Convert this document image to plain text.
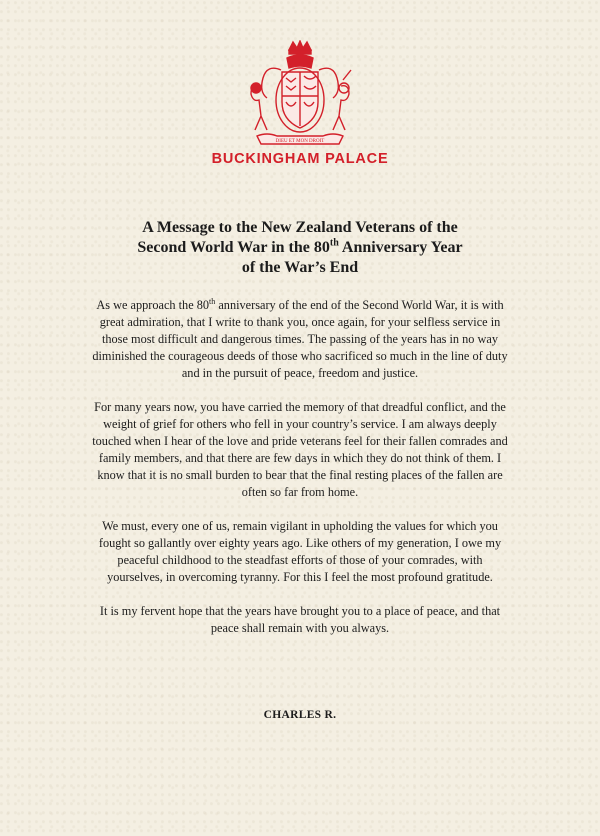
DIEU ET MON DROIT
BUCKINGHAM PALACE
A Message to the New Zealand Veterans of the
Second World War in the 80th Anniversary Year
of the War’s End

As we approach the 80th anniversary of the end of the Second World War, it is with great admiration, that I write to thank you, once again, for your selfless service in those most difficult and dangerous times. The passing of the years has in no way diminished the courageous deeds of those who sacrificed so much in the line of duty and in the pursuit of peace, freedom and justice.

For many years now, you have carried the memory of that dreadful conflict, and the weight of grief for others who fell in your country’s service. I am always deeply touched when I hear of the love and pride veterans feel for their fallen comrades and family members, and that there are few days in which they do not think of them. I know that it is no small burden to bear that the final resting places of the fallen are often so far from home.

We must, every one of us, remain vigilant in upholding the values for which you fought so gallantly over eighty years ago. Like others of my generation, I owe my peaceful childhood to the steadfast efforts of those of your comrades, with yourselves, in overcoming tyranny. For this I feel the most profound gratitude.

It is my fervent hope that the years have brought you to a place of peace, and that peace shall remain with you always.

CHARLES R.
